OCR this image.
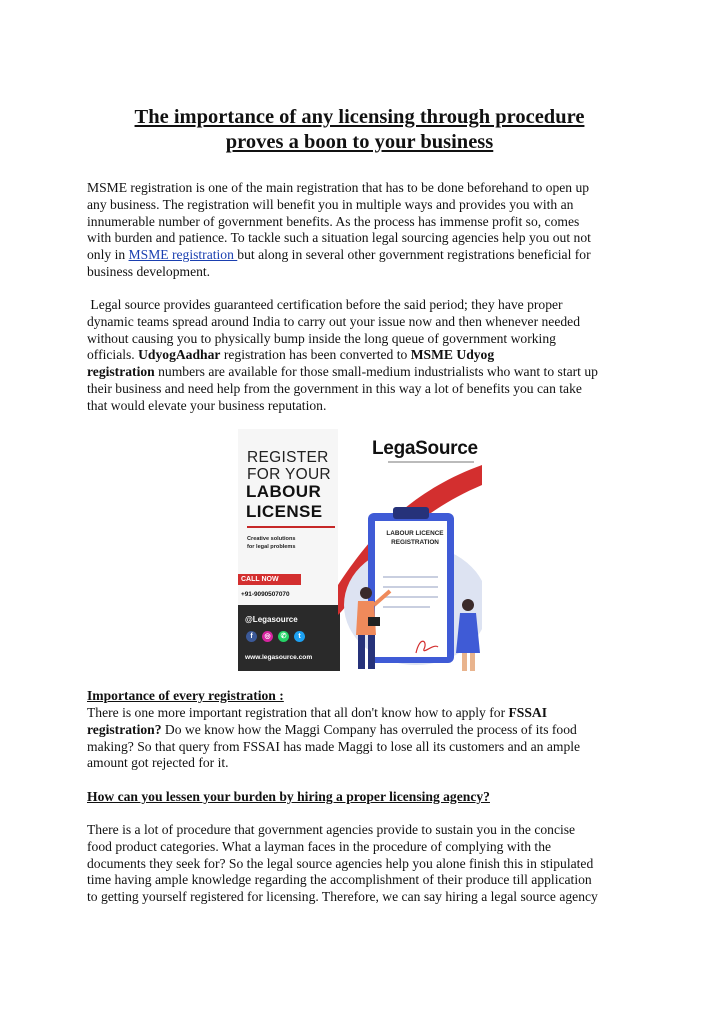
The importance of any licensing through procedure
proves a boon to your business
MSME registration is one of the main registration that has to be done beforehand to open up
any business. The registration will benefit you in multiple ways and provides you with an
innumerable number of government benefits. As the process has immense profit so, comes
with burden and patience. To tackle such a situation legal sourcing agencies help you out not
only in MSME registration but along in several other government registrations beneficial for
business development.
Legal source provides guaranteed certification before the said period; they have proper
dynamic teams spread around India to carry out your issue now and then whenever needed
without causing you to physically bump inside the long queue of government working
officials. UdyogAadhar registration has been converted to MSME Udyog
registration numbers are available for those small-medium industrialists who want to start up
their business and need help from the government in this way a lot of benefits you can take
that would elevate your business reputation.
REGISTER
FOR YOUR
LABOUR
LICENSE
Creative solutions
for legal problems
CALL NOW
+91-9090507070
@Legasource
f	◎	✆	t
www.legasource.com
LegaSource
LABOUR LICENCE
REGISTRATION
Importance of every registration :
There is one more important registration that all don't know how to apply for FSSAI
registration? Do we know how the Maggi Company has overruled the process of its food
making? So that query from FSSAI has made Maggi to lose all its customers and an ample
amount got rejected for it.
How can you lessen your burden by hiring a proper licensing agency?
There is a lot of procedure that government agencies provide to sustain you in the concise
food product categories. What a layman faces in the procedure of complying with the
documents they seek for? So the legal source agencies help you alone finish this in stipulated
time having ample knowledge regarding the accomplishment of their produce till application
to getting yourself registered for licensing. Therefore, we can say hiring a legal source agency
